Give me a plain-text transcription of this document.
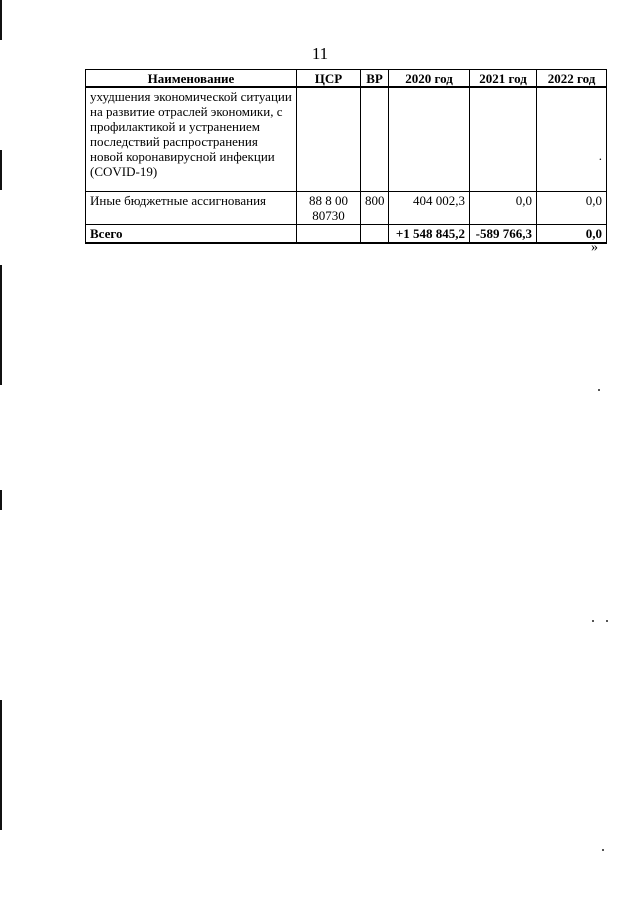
11
Наименование	ЦСР	ВР	2020 год	2021 год	2022 год
ухудшения экономической ситуации на развитие отраслей экономики, с профилактикой и устранением последствий распространения новой коронавирусной инфекции (COVID-19)					.
Иные бюджетные ассигнования	88 8 00 80730	800	404 002,3	0,0	0,0
Всего			+1 548 845,2	-589 766,3	0,0
»
